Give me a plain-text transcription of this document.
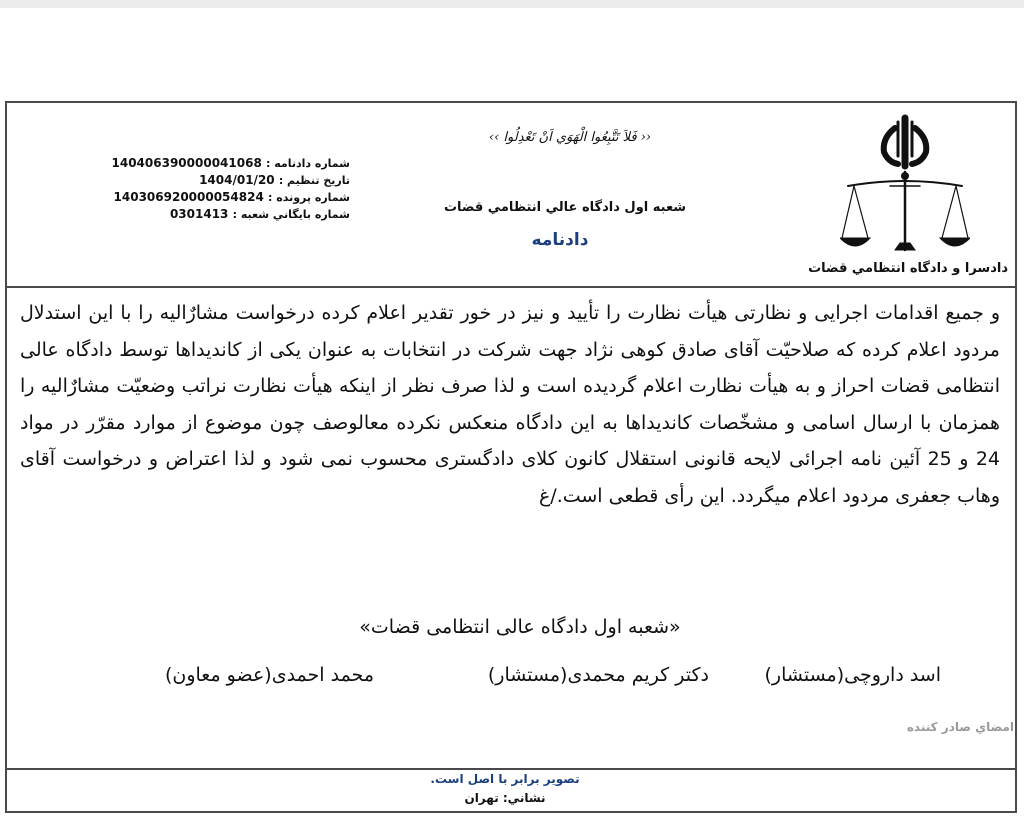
دادسرا و دادگاه انتظامي قضات
‹‹ فَلاَ تَتَّبِعُوا الْهَوَي اَنْ تَعْدِلُوا ››
شعبه اول دادگاه عالي انتظامي قضات
دادنامه
شماره دادنامه : 140406390000041068
تاريخ تنظيم : 1404/01/20
شماره پرونده : 140306920000054824
شماره بايگاني شعبه : 0301413
و جمیع اقدامات اجرایی و نظارتی هیأت نظارت را تأیید و نیز در خور تقدیر اعلام کرده درخواست مشارٌالیه را با این استدلال مردود اعلام کرده که صلاحیّت آقای صادق کوهی نژاد جهت شرکت در انتخابات به عنوان یکی از کاندیداها توسط دادگاه عالی انتظامی قضات احراز و به هیأت نظارت اعلام گردیده است و لذا صرف نظر از اینکه هیأت نظارت نراتب وضعیّت مشارٌالیه را همزمان با ارسال اسامی و مشخّصات کاندیداها به این دادگاه منعکس نکرده معالوصف چون موضوع از موارد مقرّر در مواد 24 و 25 آئین نامه اجرائی لایحه قانونی استقلال کانون کلای دادگستری محسوب نمی شود و لذا اعتراض و درخواست آقای وهاب جعفری مردود اعلام میگردد. این رأی قطعی است./غ
«شعبه اول دادگاه عالی انتظامی قضات»
اسد داروچی(مستشار)
دکتر کریم محمدی(مستشار)
محمد احمدی(عضو معاون)
امضاي صادر كننده
تصوير برابر با اصل است.
نشاني: تهران
